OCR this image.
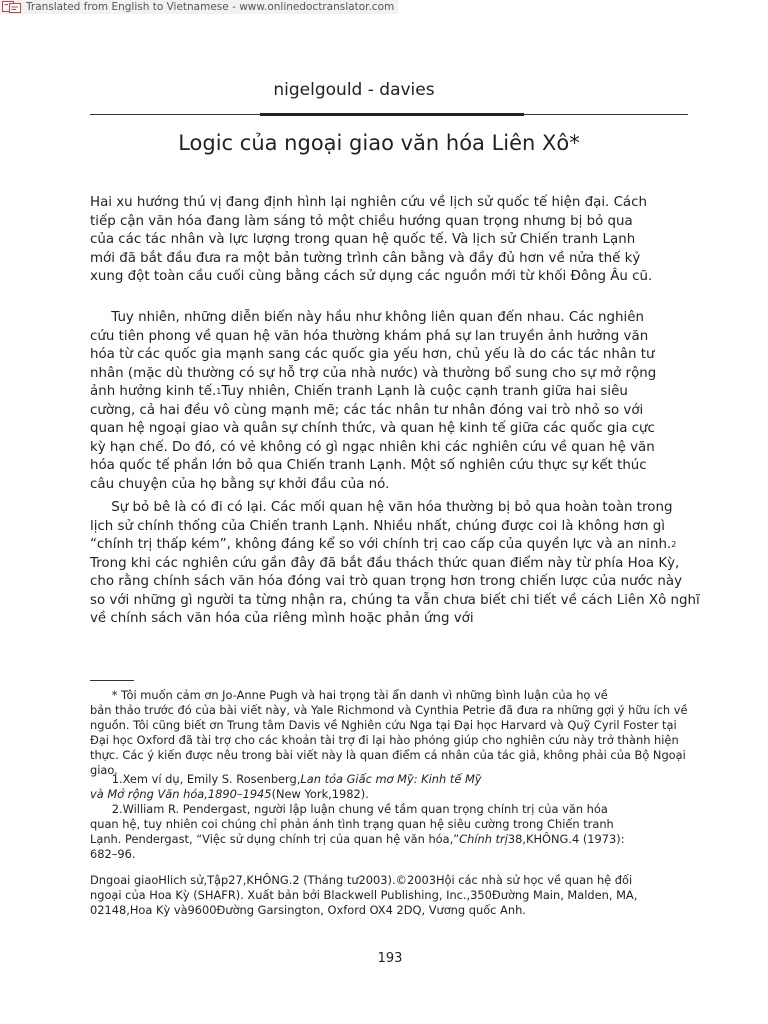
Translated from English to Vietnamese - www.onlinedoctranslator.com
nigelgould - davies
Logic của ngoại giao văn hóa Liên Xô*
Hai xu hướng thú vị đang định hình lại nghiên cứu về lịch sử quốc tế hiện đại. Cách
tiếp cận văn hóa đang làm sáng tỏ một chiều hướng quan trọng nhưng bị bỏ qua
của các tác nhân và lực lượng trong quan hệ quốc tế. Và lịch sử Chiến tranh Lạnh
mới đã bắt đầu đưa ra một bản tường trình cân bằng và đầy đủ hơn về nửa thế kỷ
xung đột toàn cầu cuối cùng bằng cách sử dụng các nguồn mới từ khối Đông Âu cũ.
Tuy nhiên, những diễn biến này hầu như không liên quan đến nhau. Các nghiên
cứu tiên phong về quan hệ văn hóa thường khám phá sự lan truyền ảnh hưởng văn
hóa từ các quốc gia mạnh sang các quốc gia yếu hơn, chủ yếu là do các tác nhân tư
nhân (mặc dù thường có sự hỗ trợ của nhà nước) và thường bổ sung cho sự mở rộng
ảnh hưởng kinh tế.1Tuy nhiên, Chiến tranh Lạnh là cuộc cạnh tranh giữa hai siêu
cường, cả hai đều vô cùng mạnh mẽ; các tác nhân tư nhân đóng vai trò nhỏ so với
quan hệ ngoại giao và quân sự chính thức, và quan hệ kinh tế giữa các quốc gia cực
kỳ hạn chế. Do đó, có vẻ không có gì ngạc nhiên khi các nghiên cứu về quan hệ văn
hóa quốc tế phần lớn bỏ qua Chiến tranh Lạnh. Một số nghiên cứu thực sự kết thúc
câu chuyện của họ bằng sự khởi đầu của nó.
Sự bỏ bê là có đi có lại. Các mối quan hệ văn hóa thường bị bỏ qua hoàn toàn trong
lịch sử chính thống của Chiến tranh Lạnh. Nhiều nhất, chúng được coi là không hơn gì
“chính trị thấp kém”, không đáng kể so với chính trị cao cấp của quyền lực và an ninh.2
Trong khi các nghiên cứu gần đây đã bắt đầu thách thức quan điểm này từ phía Hoa Kỳ,
cho rằng chính sách văn hóa đóng vai trò quan trọng hơn trong chiến lược của nước này
so với những gì người ta từng nhận ra, chúng ta vẫn chưa biết chi tiết về cách Liên Xô nghĩ
về chính sách văn hóa của riêng mình hoặc phản ứng với
* Tôi muốn cảm ơn Jo-Anne Pugh và hai trọng tài ẩn danh vì những bình luận của họ về
bản thảo trước đó của bài viết này, và Yale Richmond và Cynthia Petrie đã đưa ra những gợi ý hữu ích về
nguồn. Tôi cũng biết ơn Trung tâm Davis về Nghiên cứu Nga tại Đại học Harvard và Quỹ Cyril Foster tại
Đại học Oxford đã tài trợ cho các khoản tài trợ đi lại hào phóng giúp cho nghiên cứu này trở thành hiện
thực. Các ý kiến được nêu trong bài viết này là quan điểm cá nhân của tác giả, không phải của Bộ Ngoại
giao.
1.Xem ví dụ, Emily S. Rosenberg,Lan tỏa Giấc mơ Mỹ: Kinh tế Mỹ
và Mở rộng Văn hóa,1890–1945(New York,1982).
2.William R. Pendergast, người lập luận chung về tầm quan trọng chính trị của văn hóa
quan hệ, tuy nhiên coi chúng chỉ phản ánh tình trạng quan hệ siêu cường trong Chiến tranh
Lạnh. Pendergast, “Việc sử dụng chính trị của quan hệ văn hóa,”Chính trị38,KHÔNG.4 (1973):
682–96.
Dngoai giaoHlich sử,Tập27,KHÔNG.2 (Tháng tư2003).©2003Hội các nhà sử học về quan hệ đối
ngoại của Hoa Kỳ (SHAFR). Xuất bản bởi Blackwell Publishing, Inc.,350Đường Main, Malden, MA,
02148,Hoa Kỳ và9600Đường Garsington, Oxford OX4 2DQ, Vương quốc Anh.
193
